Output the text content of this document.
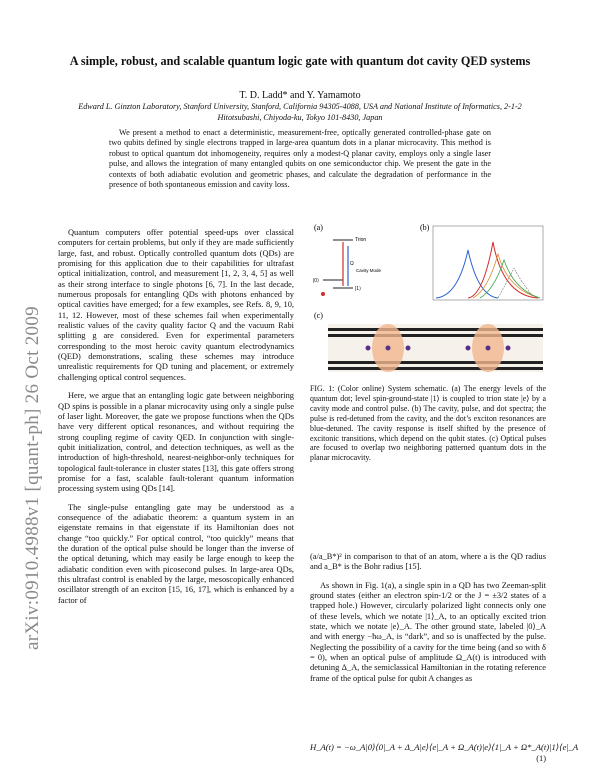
arXiv:0910.4988v1 [quant-ph] 26 Oct 2009
A simple, robust, and scalable quantum logic gate with quantum dot cavity QED systems
T. D. Ladd* and Y. Yamamoto
Edward L. Ginzton Laboratory, Stanford University, Stanford, California 94305-4088, USA and National Institute of Informatics, 2-1-2 Hitotsubashi, Chiyoda-ku, Tokyo 101-8430, Japan
We present a method to enact a deterministic, measurement-free, optically generated controlled-phase gate on two qubits defined by single electrons trapped in large-area quantum dots in a planar microcavity. This method is robust to optical quantum dot inhomogeneity, requires only a modest-Q planar cavity, employs only a single laser pulse, and allows the integration of many entangled qubits on one semiconductor chip. We present the gate in the contexts of both adiabatic evolution and geometric phases, and calculate the degradation of performance in the presence of both spontaneous emission and cavity loss.

Quantum computers offer potential speed-ups over classical computers for certain problems, but only if they are made sufficiently large, fast, and robust. Optically controlled quantum dots (QDs) are promising for this application due to their capabilities for ultrafast optical initialization, control, and measurement [1, 2, 3, 4, 5] as well as their strong interface to single photons [6, 7]. In the last decade, numerous proposals for entangling QDs with photons enhanced by optical cavities have emerged; for a few examples, see Refs. 8, 9, 10, 11, 12. However, most of these schemes fail when experimentally realistic values of the cavity quality factor Q and the vacuum Rabi splitting g are considered. Even for experimental parameters corresponding to the most heroic cavity quantum electrodynamics (QED) demonstrations, scaling these schemes may introduce unrealistic requirements for QD tuning and placement, or extremely challenging optical control sequences.

Here, we argue that an entangling logic gate between neighboring QD spins is possible in a planar microcavity using only a single pulse of laser light. Moreover, the gate we propose functions when the QDs have very different optical resonances, and without requiring the strong coupling regime of cavity QED. In conjunction with single-qubit initialization, control, and detection techniques, as well as the introduction of high-threshold, nearest-neighbor-only techniques for topological fault-tolerance in cluster states [13], this gate offers strong promise for a fast, scalable fault-tolerant quantum information processing system using QDs [14].

The single-pulse entangling gate may be understood as a consequence of the adiabatic theorem: a quantum system in an eigenstate remains in that eigenstate if its Hamiltonian does not change “too quickly.” For optical control, “too quickly” means that the duration of the optical pulse should be longer than the inverse of the optical detuning, which may easily be large enough to keep the adiabatic condition even with picosecond pulses. In large-area QDs, this ultrafast control is enabled by the large, mesoscopically enhanced oscillator strength of an exciton [15, 16, 17], which is enhanced by a factor of

(a)
Trion
|1⟩
|0⟩
Ω
Cavity Mode
(b)
(c)
FIG. 1: (Color online) System schematic. (a) The energy levels of the quantum dot; level spin-ground-state |1⟩ is coupled to trion state |e⟩ by a cavity mode and control pulse. (b) The cavity, pulse, and dot spectra; the pulse is red-detuned from the cavity, and the dot’s exciton resonances are blue-detuned. The cavity response is itself shifted by the presence of excitonic transitions, which depend on the qubit states. (c) Optical pulses are focused to overlap two neighboring patterned quantum dots in the planar microcavity.

(a/a_B*)² in comparison to that of an atom, where a is the QD radius and a_B* is the Bohr radius [15].

As shown in Fig. 1(a), a single spin in a QD has two Zeeman-split ground states (either an electron spin-1/2 or the J = ±3/2 states of a trapped hole.) However, circularly polarized light connects only one of these levels, which we notate |1⟩_A, to an optically excited trion state, which we notate |e⟩_A. The other ground state, labeled |0⟩_A and with energy −ħω_A, is “dark”, and so is unaffected by the pulse. Neglecting the possibility of a cavity for the time being (and so with δ = 0), when an optical pulse of amplitude Ω_A(t) is introduced with detuning Δ_A, the semiclassical Hamiltonian in the rotating reference frame of the optical pulse for qubit A changes as

H_A(t) = −ω_A|0⟩⟨0|_A + Δ_A|e⟩⟨e|_A + Ω_A(t)|e⟩⟨1|_A + Ω*_A(t)|1⟩⟨e|_A
(1)
